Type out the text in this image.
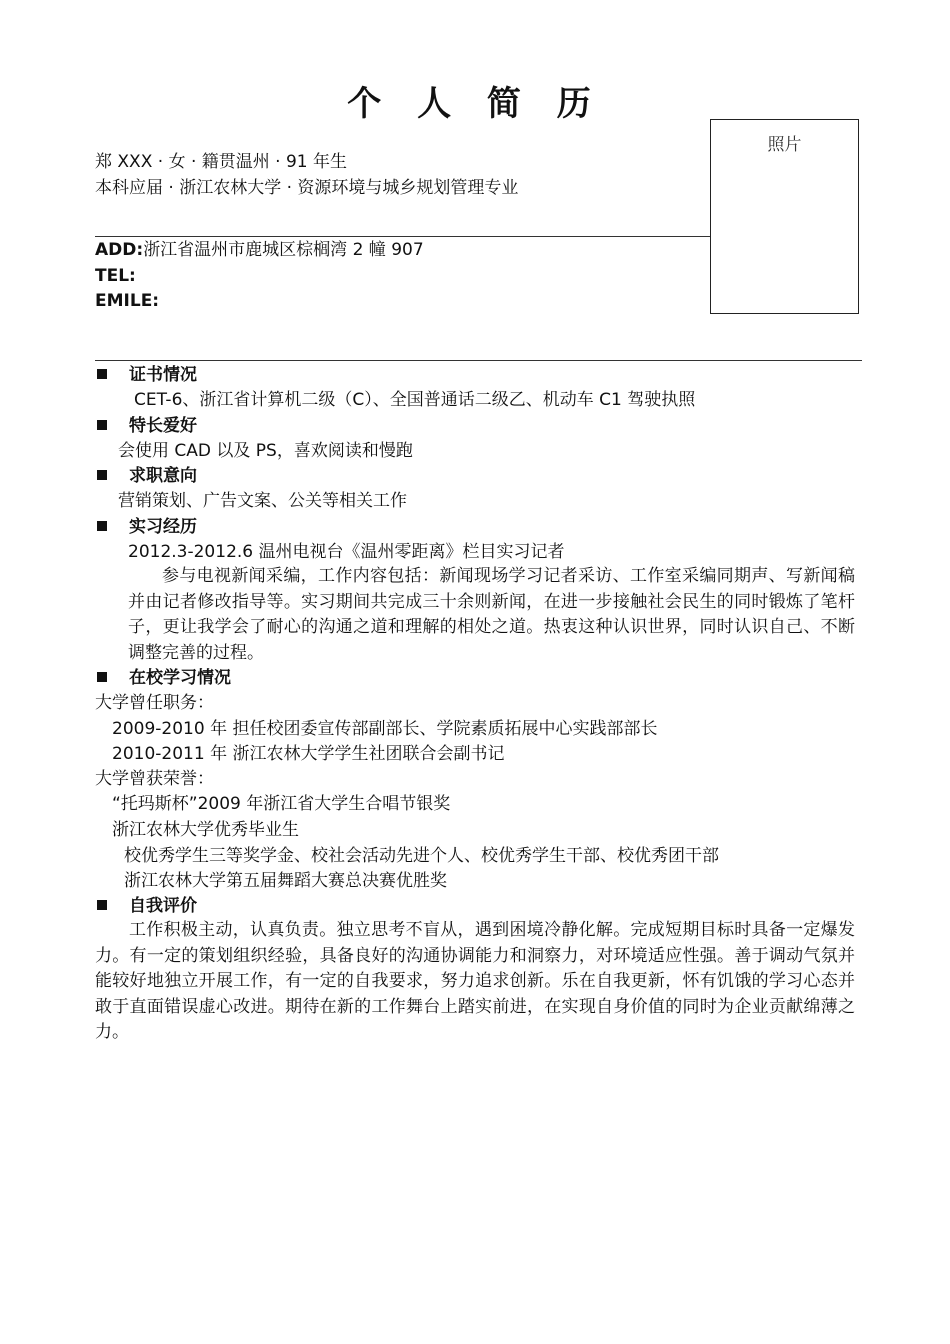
个 人 简 历
郑 XXX · 女 · 籍贯温州 · 91 年生
本科应届 · 浙江农林大学 · 资源环境与城乡规划管理专业
照片
ADD:浙江省温州市鹿城区棕榈湾 2 幢 907
TEL:
EMILE:
证书情况
CET-6、浙江省计算机二级（C）、全国普通话二级乙、机动车 C1 驾驶执照
特长爱好
会使用 CAD 以及 PS，喜欢阅读和慢跑
求职意向
营销策划、广告文案、公关等相关工作
实习经历
2012.3-2012.6 温州电视台《温州零距离》栏目实习记者
参与电视新闻采编，工作内容包括：新闻现场学习记者采访、工作室采编同期声、写新闻稿并由记者修改指导等。实习期间共完成三十余则新闻，在进一步接触社会民生的同时锻炼了笔杆子，更让我学会了耐心的沟通之道和理解的相处之道。热衷这种认识世界，同时认识自己、不断调整完善的过程。
在校学习情况
大学曾任职务：
2009-2010 年 担任校团委宣传部副部长、学院素质拓展中心实践部部长
2010-2011 年 浙江农林大学学生社团联合会副书记
大学曾获荣誉：
“托玛斯杯”2009 年浙江省大学生合唱节银奖
浙江农林大学优秀毕业生
校优秀学生三等奖学金、校社会活动先进个人、校优秀学生干部、校优秀团干部
浙江农林大学第五届舞蹈大赛总决赛优胜奖
自我评价
工作积极主动，认真负责。独立思考不盲从，遇到困境冷静化解。完成短期目标时具备一定爆发力。有一定的策划组织经验，具备良好的沟通协调能力和洞察力，对环境适应性强。善于调动气氛并能较好地独立开展工作，有一定的自我要求，努力追求创新。乐在自我更新，怀有饥饿的学习心态并敢于直面错误虚心改进。期待在新的工作舞台上踏实前进，在实现自身价值的同时为企业贡献绵薄之力。
